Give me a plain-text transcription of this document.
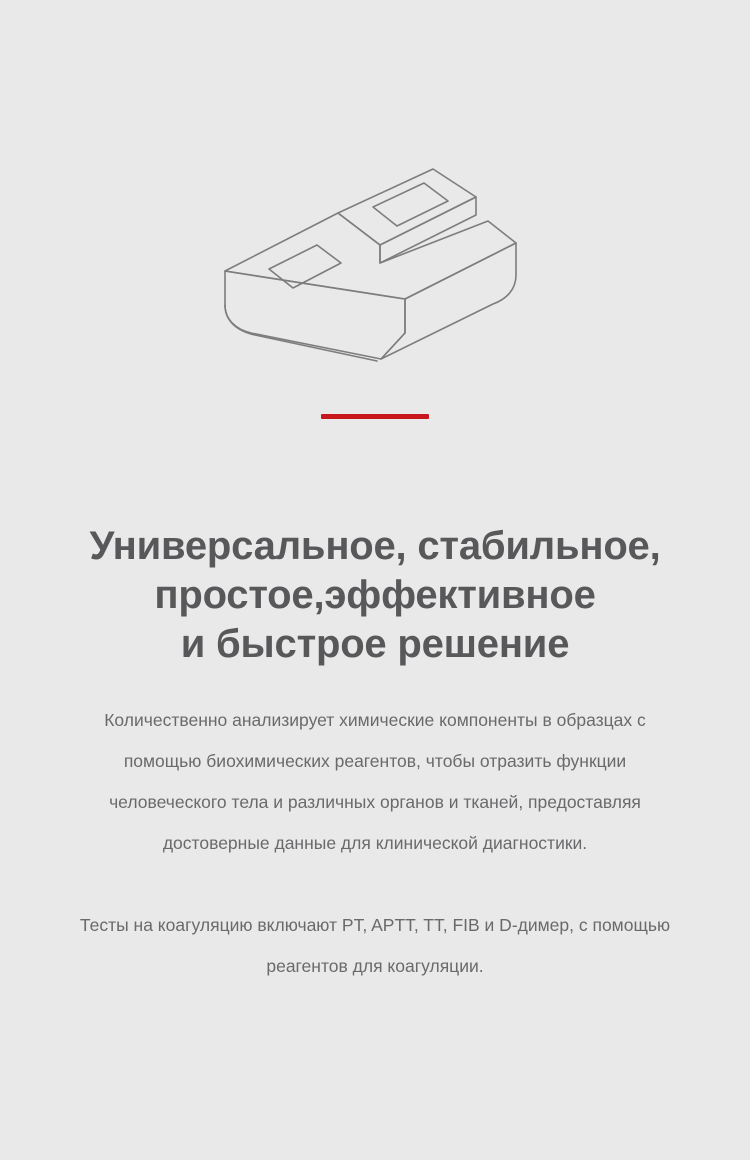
Универсальное, стабильное,
простое,эффективное
и быстрое решение

Количественно анализирует химические компоненты в образцах с помощью биохимических реагентов, чтобы отразить функции человеческого тела и различных органов и тканей, предоставляя достоверные данные для клинической диагностики.

Тесты на коагуляцию включают PT, APTT, TT, FIB и D-димер, с помощью реагентов для коагуляции.
